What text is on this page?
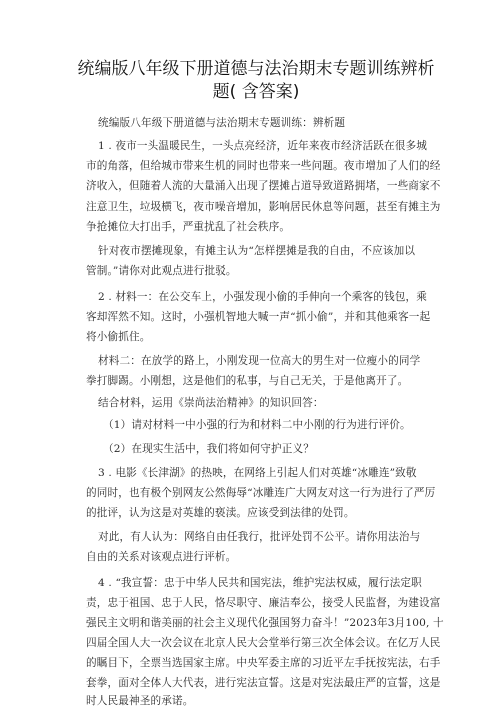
统编版八年级下册道德与法治期末专题训练辨析题( 含答案)
统编版八年级下册道德与法治期末专题训练：辨析题
1 . 夜市一头温暖民生，一头点亮经济，近年来夜市经济活跃在很多城
市的角落，但给城市带来生机的同时也带来一些问题。夜市增加了人们的经
济收入，但随着人流的大量涌入出现了摆摊占道导致道路拥堵，一些商家不
注意卫生，垃圾横飞，夜市噪音增加，影响居民休息等问题，甚至有摊主为
争抢摊位大打出手，严重扰乱了社会秩序。
针对夜市摆摊现象，有摊主认为“怎样摆摊是我的自由，不应该加以
管制。”请你对此观点进行批驳。
2 . 材料一：在公交车上，小强发现小偷的手伸向一个乘客的钱包，乘
客却浑然不知。这时，小强机智地大喊一声“抓小偷”，并和其他乘客一起
将小偷抓住。
材料二：在放学的路上，小刚发现一位高大的男生对一位瘦小的同学
拳打脚踢。小刚想，这是他们的私事，与自己无关，于是他离开了。
结合材料，运用《崇尚法治精神》的知识回答：
（1）请对材料一中小强的行为和材料二中小刚的行为进行评价。
（2）在现实生活中，我们将如何守护正义？
3 . 电影《长津湖》的热映，在网络上引起人们对英雄“冰雕连”致敬
的同时，也有极个别网友公然侮辱“冰雕连广大网友对这一行为进行了严厉
的批评，认为这是对英雄的亵渎。应该受到法律的处罚。
对此，有人认为：网络自由任我行，批评处罚不公平。请你用法治与
自由的关系对该观点进行评析。
4 . “我宣誓：忠于中华人民共和国宪法，维护宪法权威，履行法定职
责，忠于祖国、忠于人民，恪尽职守、廉洁奉公，接受人民监督，为建设富
强民主文明和谐美丽的社会主义现代化强国努力奋斗！”2023年3月100, 十
四届全国人大一次会议在北京人民大会堂举行第三次全体会议。在亿万人民
的瞩目下，全票当选国家主席。中央军委主席的习近平左手抚按宪法，右手
套拳，面对全体人大代表，进行宪法宣誓。这是对宪法最庄严的宣誓，这是
时人民最神圣的承诺。
